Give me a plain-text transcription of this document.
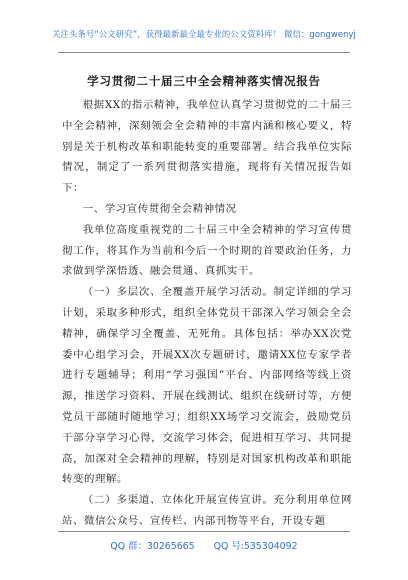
关注头条号“公文研究”，获得最新最全最专业的公文资料库！ 微信：gongwenyj
学习贯彻二十届三中全会精神落实情况报告

根据XX的指示精神，我单位认真学习贯彻党的二十届三中全会精神，深刻领会全会精神的丰富内涵和核心要义，特别是关于机构改革和职能转变的重要部署。结合我单位实际情况，制定了一系列贯彻落实措施，现将有关情况报告如下：

一、学习宣传贯彻全会精神情况

我单位高度重视党的二十届三中全会精神的学习宣传贯彻工作，将其作为当前和今后一个时期的首要政治任务，力求做到学深悟透、融会贯通、真抓实干。

（一）多层次、全覆盖开展学习活动。制定详细的学习计划，采取多种形式，组织全体党员干部深入学习领会全会精神，确保学习全覆盖、无死角。具体包括：举办XX次党委中心组学习会，开展XX次专题研讨，邀请XX位专家学者进行专题辅导；利用“学习强国”平台、内部网络等线上资源，推送学习资料、开展在线测试、组织在线研讨等，方便党员干部随时随地学习；组织XX场学习交流会，鼓励党员干部分享学习心得，交流学习体会，促进相互学习、共同提高，加深对全会精神的理解，特别是对国家机构改革和职能转变的理解。

（二）多渠道、立体化开展宣传宣讲。充分利用单位网站、微信公众号、宣传栏、内部刊物等平台，开设专题

QQ 群：30265665 QQ 号:535304092
